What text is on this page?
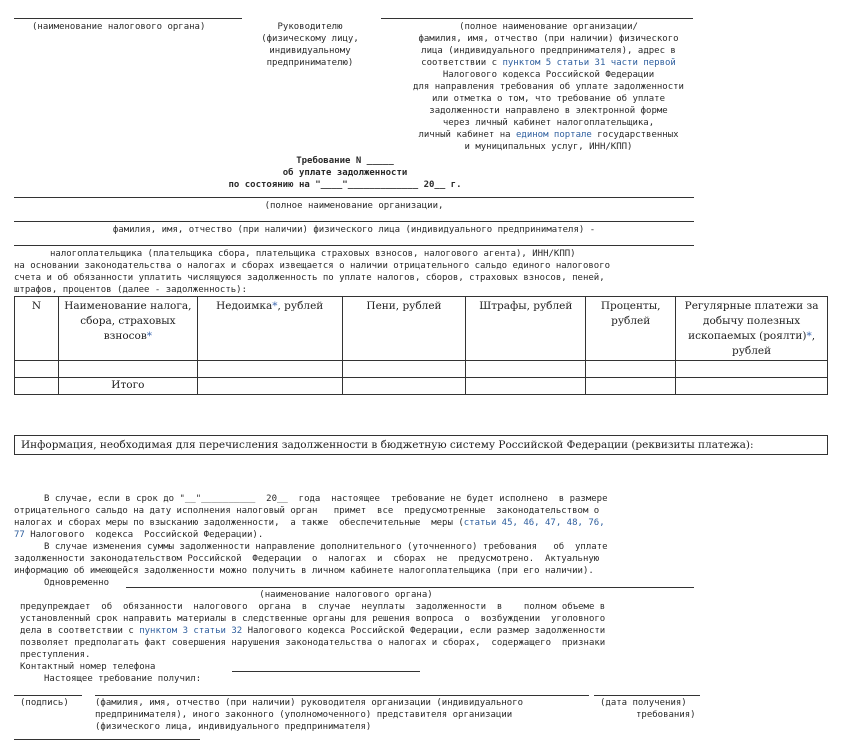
(наименование налогового органа)	Руководителю
(физическому лицу,
индивидуальному
предпринимателю)
(полное наименование организации/
фамилия, имя, отчество (при наличии) физического
лица (индивидуального предпринимателя), адрес в
соответствии с пунктом 5 статьи 31 части первой
Налогового кодекса Российской Федерации
для направления требования об уплате задолженности
или отметка о том, что требование об уплате
задолженности направлено в электронной форме
через личный кабинет налогоплательщика,
личный кабинет на едином портале государственных
и муниципальных услуг, ИНН/КПП)
Требование N _____
об уплате задолженности
по состоянию на "____"_____________ 20__ г.
(полное наименование организации,
фамилия, имя, отчество (при наличии) физического лица (индивидуального предпринимателя) -
налогоплательщика (плательщика сбора, плательщика страховых взносов, налогового агента), ИНН/КПП)
на основании законодательства о налогах и сборах извещается о наличии отрицательного сальдо единого налогового
счета и об обязанности уплатить числящуюся задолженность по уплате налогов, сборов, страховых взносов, пеней,
штрафов, процентов (далее - задолженность):
N	Наименование налога, сбора, страховых взносов*	Недоимка*, рублей	Пени, рублей	Штрафы, рублей	Проценты, рублей	Регулярные платежи за добычу полезных ископаемых (роялти)*, рублей

	Итого					
Информация, необходимая для перечисления задолженности в бюджетную систему Российской Федерации (реквизиты платежа):
В случае, если в срок до "__"__________  20__  года  настоящее  требование не будет исполнено  в размере
отрицательного сальдо на дату исполнения налоговый орган   примет  все  предусмотренные  законодательством о
налогах и сборах меры по взысканию задолженности,  а также  обеспечительные  меры (статьи 45, 46, 47, 48, 76,
77 Налогового  кодекса  Российской Федерации).
В случае изменения суммы задолженности направление дополнительного (уточненного) требования   об  уплате
задолженности законодательством Российской  Федерации  о  налогах  и  сборах  не  предусмотрено.  Актуальную
информацию об имеющейся задолженности можно получить в личном кабинете налогоплательщика (при его наличии).
Одновременно
(наименование налогового органа)
предупреждает  об  обязанности  налогового  органа  в  случае  неуплаты  задолженности  в    полном объеме в
установленный срок направить материалы в следственные органы для решения вопроса  о  возбуждении  уголовного
дела в соответствии с пунктом 3 статьи 32 Налогового кодекса Российской Федерации, если размер задолженности
позволяет предполагать факт совершения нарушения законодательства о налогах и сборах,  содержащего  признаки
преступления.
Контактный номер телефона
Настоящее требование получил:
(подпись)	(фамилия, имя, отчество (при наличии) руководителя организации (индивидуального
предпринимателя), иного законного (уполномоченного) представителя организации
(физического лица, индивидуального предпринимателя)
(дата получения)
требования)
